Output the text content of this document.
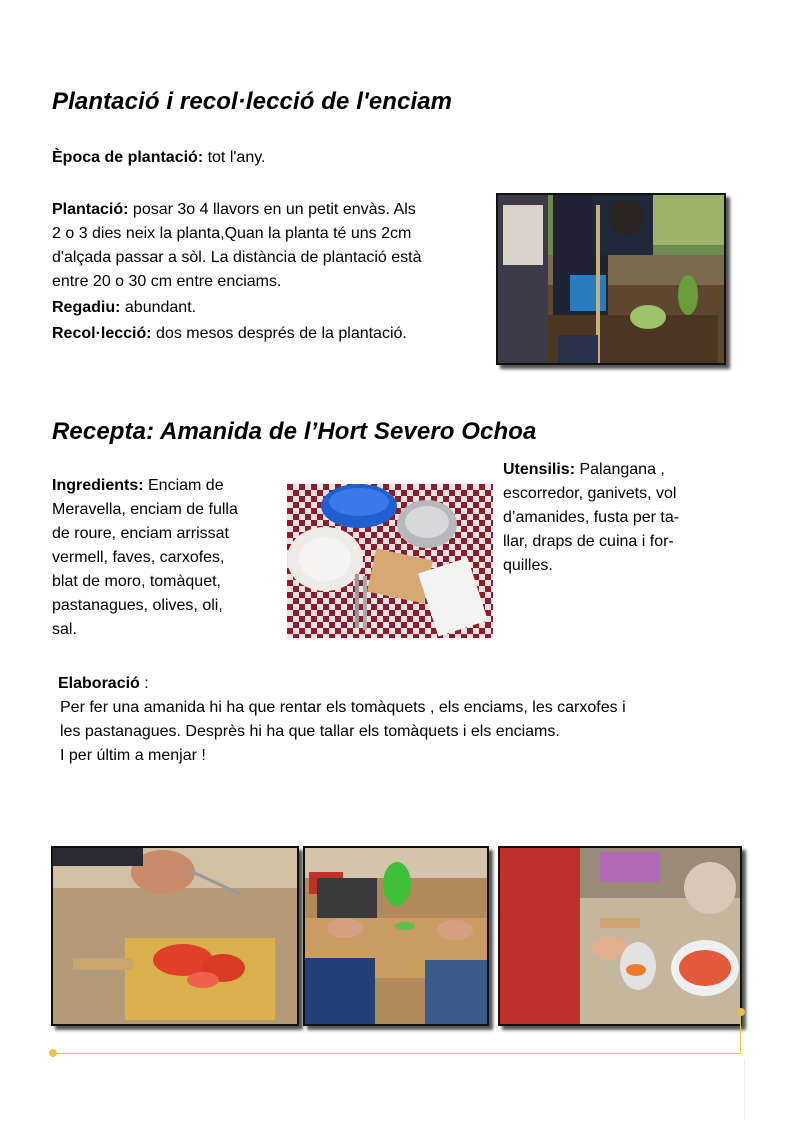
Plantació i recol·lecció de l'enciam
Època de plantació: tot l'any.
Plantació: posar 3o 4 llavors en un petit envàs. Als
2 o 3 dies neix la planta,Quan la planta té uns 2cm
d'alçada passar a sòl. La distància de plantació està
entre 20 o 30 cm entre enciams.
Regadiu: abundant.
Recol·lecció: dos mesos després de la plantació.
Recepta: Amanida de l’Hort Severo Ochoa
Ingredients: Enciam de
Meravella, enciam de fulla
de roure, enciam arrissat
vermell, faves, carxofes,
blat de moro, tomàquet,
pastanagues, olives, oli,
sal.
Utensilis: Palangana ,
escorredor, ganivets, vol
d’amanides, fusta per ta-
llar, draps de cuina i for-
quilles.
Elaboració :
Per fer una amanida hi ha que rentar els tomàquets , els enciams, les carxofes i
les pastanagues. Desprès hi ha que tallar els tomàquets i els enciams.
I per últim a menjar !
